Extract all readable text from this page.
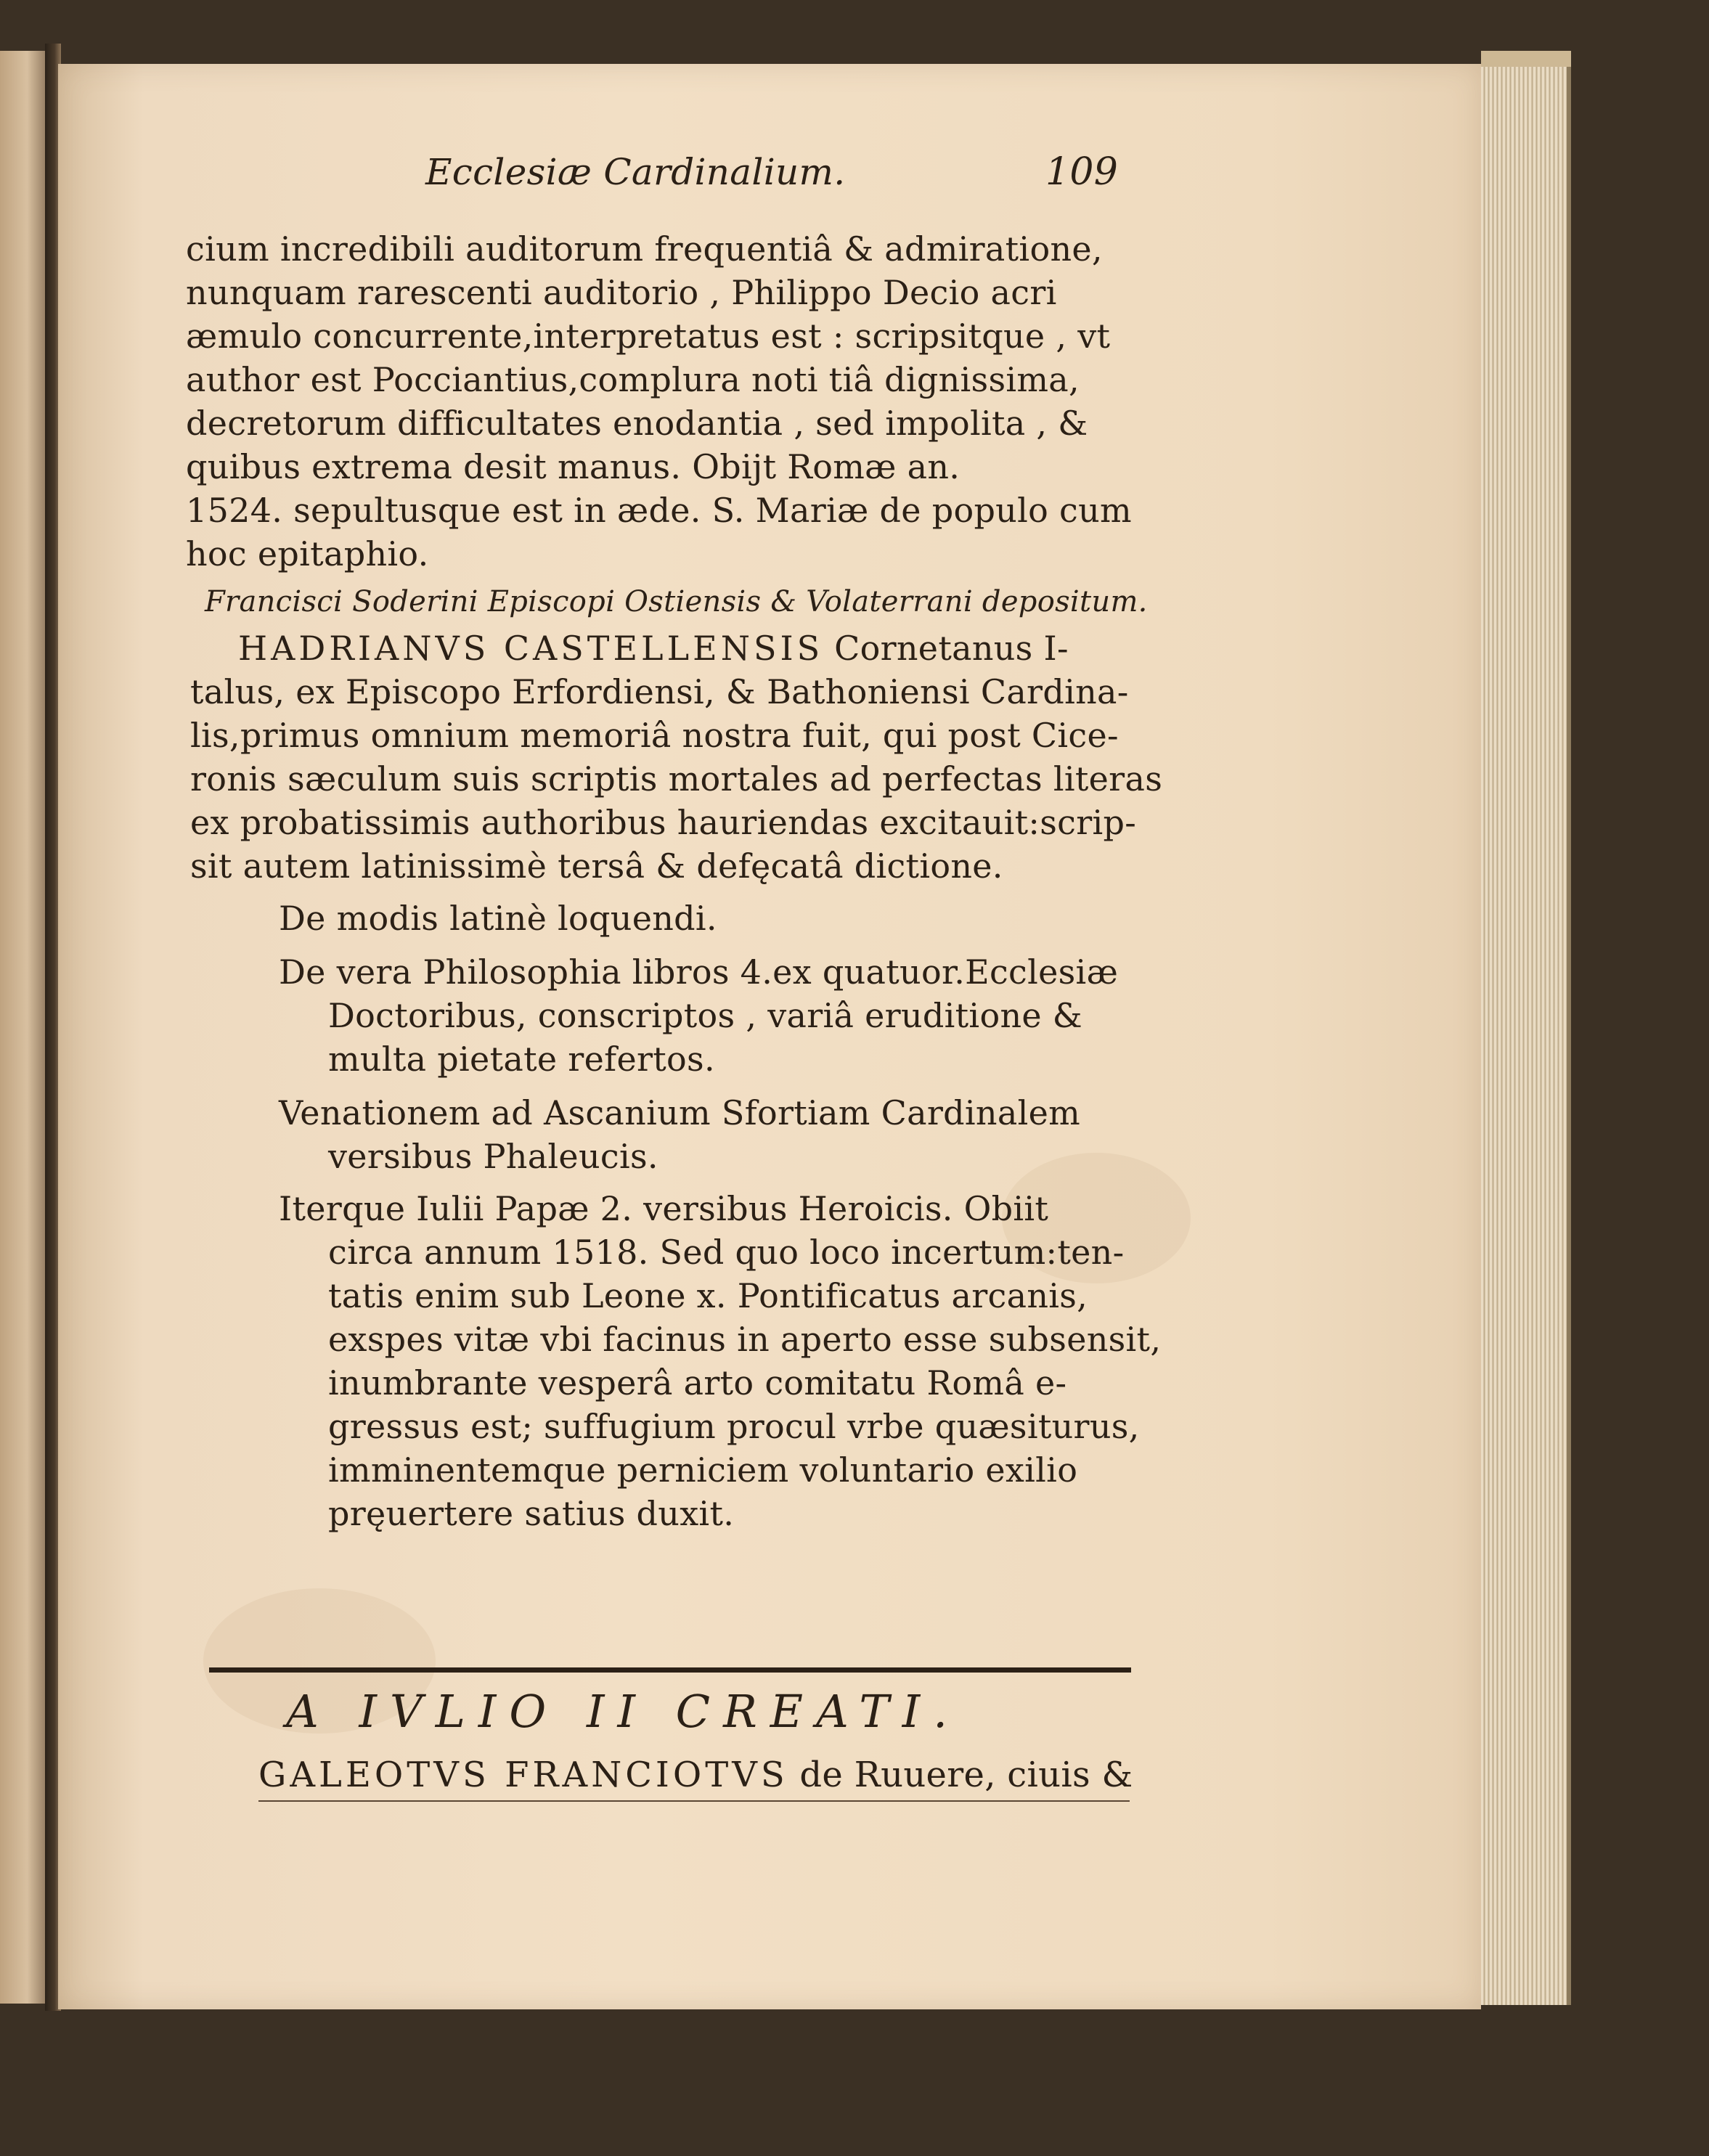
Ecclesiæ Cardinalium.	109

cium incredibili auditorum frequentiâ & admiratione,

nunquam rarescenti auditorio , Philippo Decio acri

æmulo concurrente,interpretatus est : scripsitque , vt

author est Pocciantius,complura noti tiâ dignissima,

decretorum difficultates enodantia , sed impolita , &

quibus extrema desit manus. Obijt Romæ an.

1524. sepultusque est in æde. S. Mariæ de populo cum

hoc epitaphio.

Francisci Soderini Episcopi Ostiensis & Volaterrani depositum.

HADRIANVS CASTELLENSIS Cornetanus I-

talus, ex Episcopo Erfordiensi, & Bathoniensi Cardina-

lis,primus omnium memoriâ nostra fuit, qui post Cice-

ronis sæculum suis scriptis mortales ad perfectas literas

ex probatissimis authoribus hauriendas excitauit:scrip-

sit autem latinissimè tersâ & defęcatâ dictione.

De modis latinè loquendi.

De vera Philosophia libros 4.ex quatuor.Ecclesiæ

Doctoribus, conscriptos , variâ eruditione &

multa pietate refertos.

Venationem ad Ascanium Sfortiam Cardinalem

versibus Phaleucis.

Iterque Iulii Papæ 2. versibus Heroicis. Obiit

circa annum 1518. Sed quo loco incertum:ten-

tatis enim sub Leone x. Pontificatus arcanis,

exspes vitæ vbi facinus in aperto esse subsensit,

inumbrante vesperâ arto comitatu Româ e-

gressus est; suffugium procul vrbe quæsiturus,

imminentemque perniciem voluntario exilio

pręuertere satius duxit.

A IVLIO II CREATI.

GALEOTVS FRANCIOTVS de Ruuere, ciuis &
